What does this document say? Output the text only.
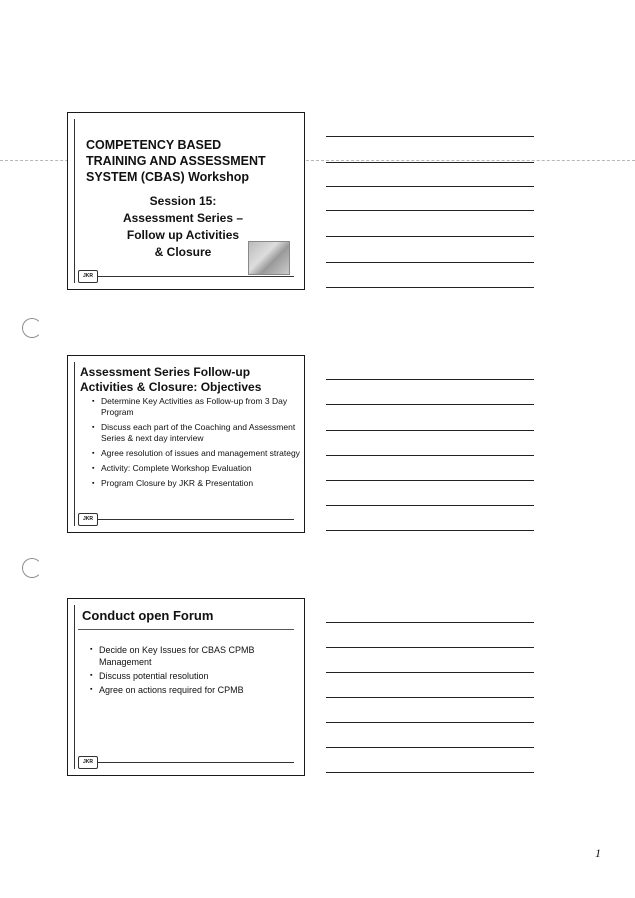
COMPETENCY BASED
TRAINING AND ASSESSMENT
SYSTEM (CBAS) Workshop
Session 15:
Assessment Series –
Follow up Activities
& Closure
JKR
Assessment Series Follow-up
Activities & Closure: Objectives
▪ Determine Key Activities as Follow-up from 3 Day Program
▪ Discuss each part of the Coaching and Assessment Series & next day interview
▪ Agree resolution of issues and management strategy
▪ Activity: Complete Workshop Evaluation
▪ Program Closure by JKR & Presentation
JKR
Conduct open Forum
▪ Decide on Key Issues for CBAS CPMB Management
▪ Discuss potential resolution
▪ Agree on actions required for CPMB
JKR
1
